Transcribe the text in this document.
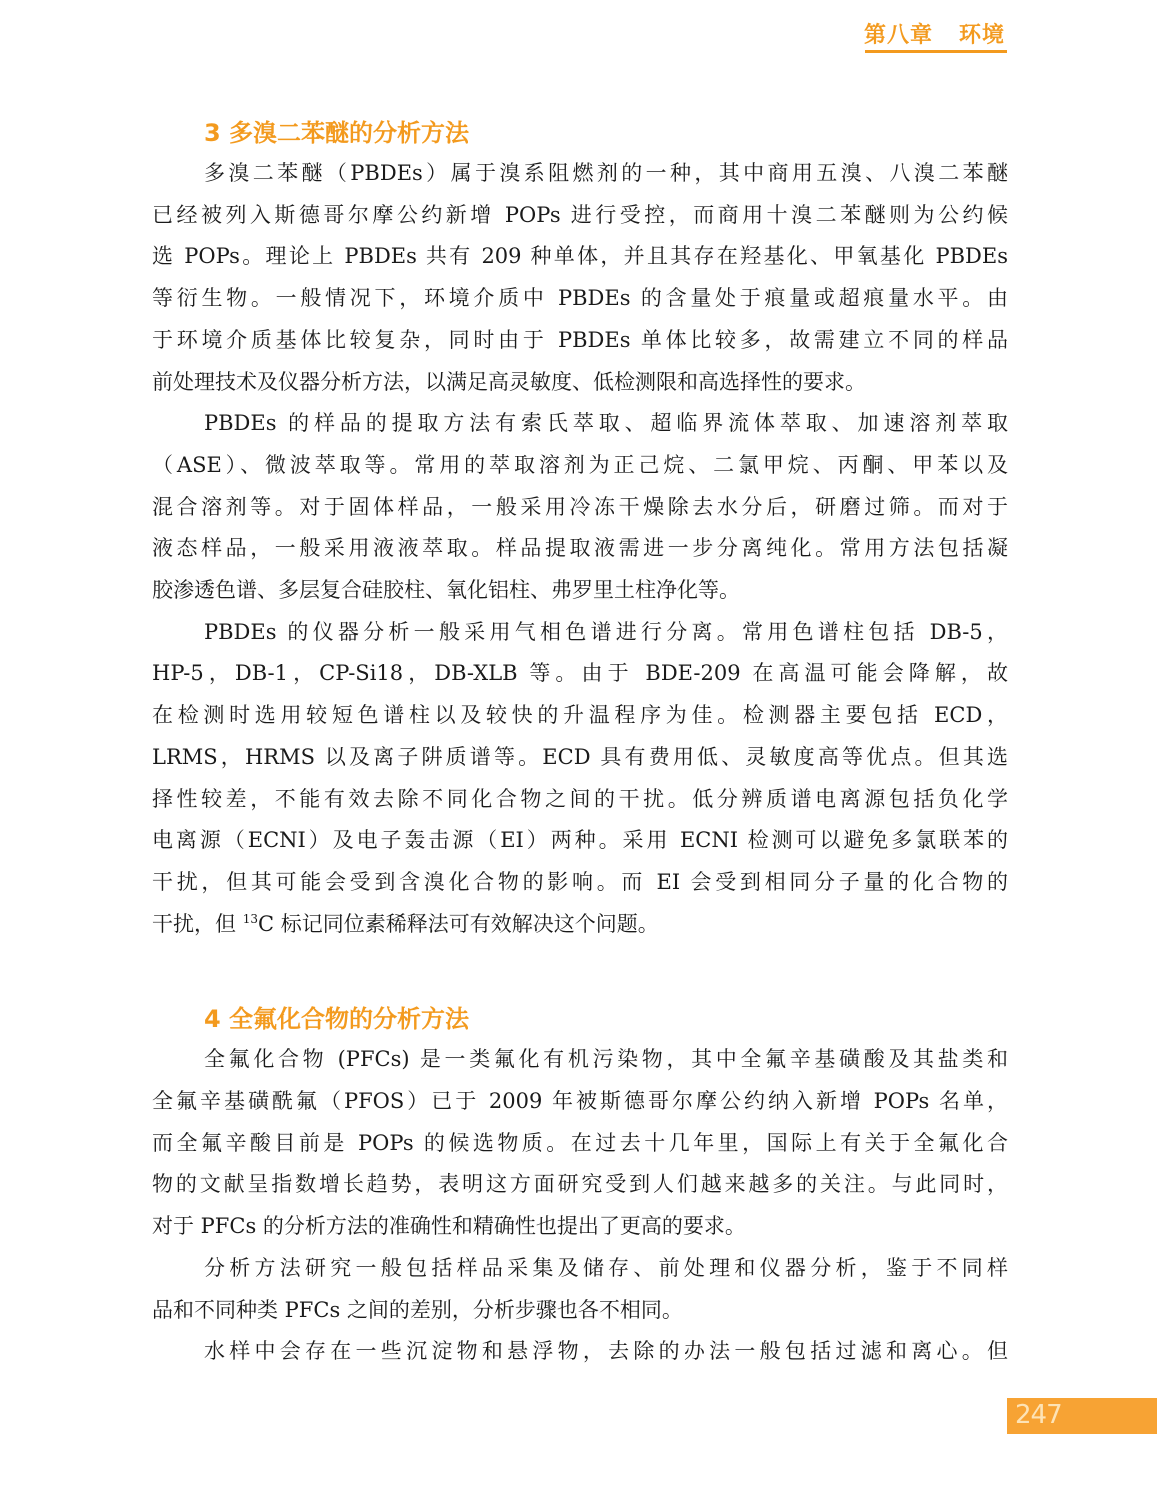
第八章 环境
3 多溴二苯醚的分析方法

多溴二苯醚（PBDEs）属于溴系阻燃剂的一种，其中商用五溴、八溴二苯醚
已经被列入斯德哥尔摩公约新增 POPs 进行受控，而商用十溴二苯醚则为公约候
选 POPs。理论上 PBDEs 共有 209 种单体，并且其存在羟基化、甲氧基化 PBDEs
等衍生物。一般情况下，环境介质中 PBDEs 的含量处于痕量或超痕量水平。由
于环境介质基体比较复杂，同时由于 PBDEs 单体比较多，故需建立不同的样品
前处理技术及仪器分析方法，以满足高灵敏度、低检测限和高选择性的要求。

PBDEs 的样品的提取方法有索氏萃取、超临界流体萃取、加速溶剂萃取
（ASE）、微波萃取等。常用的萃取溶剂为正己烷、二氯甲烷、丙酮、甲苯以及
混合溶剂等。对于固体样品，一般采用冷冻干燥除去水分后，研磨过筛。而对于
液态样品，一般采用液液萃取。样品提取液需进一步分离纯化。常用方法包括凝
胶渗透色谱、多层复合硅胶柱、氧化铝柱、弗罗里土柱净化等。

PBDEs 的仪器分析一般采用气相色谱进行分离。常用色谱柱包括 DB-5，
HP-5，DB-1，CP-Si18，DB-XLB 等。由于 BDE-209 在高温可能会降解，故
在检测时选用较短色谱柱以及较快的升温程序为佳。检测器主要包括 ECD，
LRMS，HRMS 以及离子阱质谱等。ECD 具有费用低、灵敏度高等优点。但其选
择性较差，不能有效去除不同化合物之间的干扰。低分辨质谱电离源包括负化学
电离源（ECNI）及电子轰击源（EI）两种。采用 ECNI 检测可以避免多氯联苯的
干扰，但其可能会受到含溴化合物的影响。而 EI 会受到相同分子量的化合物的
干扰，但 $^{13}$C 标记同位素稀释法可有效解决这个问题。

4 全氟化合物的分析方法

全氟化合物 (PFCs) 是一类氟化有机污染物，其中全氟辛基磺酸及其盐类和
全氟辛基磺酰氟（PFOS）已于 2009 年被斯德哥尔摩公约纳入新增 POPs 名单，
而全氟辛酸目前是 POPs 的候选物质。在过去十几年里，国际上有关于全氟化合
物的文献呈指数增长趋势，表明这方面研究受到人们越来越多的关注。与此同时，
对于 PFCs 的分析方法的准确性和精确性也提出了更高的要求。

分析方法研究一般包括样品采集及储存、前处理和仪器分析，鉴于不同样
品和不同种类 PFCs 之间的差别，分析步骤也各不相同。

水样中会存在一些沉淀物和悬浮物，去除的办法一般包括过滤和离心。但

247
